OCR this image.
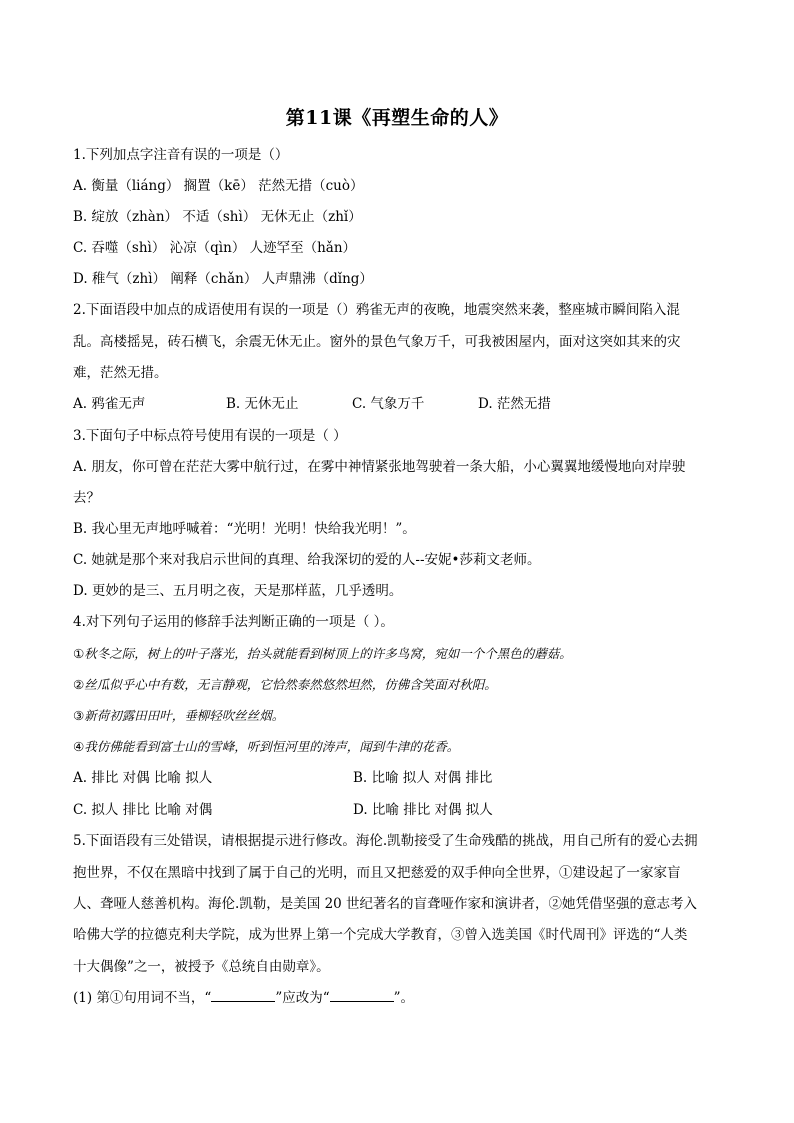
第11课《再塑生命的人》
1.下列加点字注音有误的一项是（）
A. 衡量（liáng） 搁置（kē） 茫然无措（cuò）
B. 绽放（zhàn） 不适（shì） 无休无止（zhǐ）
C. 吞噬（shì） 沁凉（qìn） 人迹罕至（hǎn）
D. 稚气（zhì） 阐释（chǎn） 人声鼎沸（dǐng）
2.下面语段中加点的成语使用有误的一项是（）鸦雀无声的夜晚，地震突然来袭，整座城市瞬间陷入混
乱。高楼摇晃，砖石横飞，余震无休无止。窗外的景色气象万千，可我被困屋内，面对这突如其来的灾
难，茫然无措。
A. 鸦雀无声	B. 无休无止	C. 气象万千	D. 茫然无措
3.下面句子中标点符号使用有误的一项是（ ）
A. 朋友，你可曾在茫茫大雾中航行过，在雾中神情紧张地驾驶着一条大船，小心翼翼地缓慢地向对岸驶
去？
B. 我心里无声地呼喊着：“光明！光明！快给我光明！”。
C. 她就是那个来对我启示世间的真理、给我深切的爱的人--安妮•莎莉文老师。
D. 更妙的是三、五月明之夜，天是那样蓝，几乎透明。
4.对下列句子运用的修辞手法判断正确的一项是（ ）。
①秋冬之际，树上的叶子落光，抬头就能看到树顶上的许多鸟窝，宛如一个个黑色的蘑菇。
②丝瓜似乎心中有数，无言静观，它恰然泰然悠然坦然，仿佛含笑面对秋阳。
③新荷初露田田叶，垂柳轻吹丝丝烟。
④我仿佛能看到富士山的雪峰，听到恒河里的涛声，闻到牛津的花香。
A. 排比 对偶 比喻 拟人	B. 比喻 拟人 对偶 排比
C. 拟人 排比 比喻 对偶	D. 比喻 排比 对偶 拟人
5.下面语段有三处错误，请根据提示进行修改。海伦.凯勒接受了生命残酷的挑战，用自己所有的爱心去拥
抱世界，不仅在黑暗中找到了属于自己的光明，而且又把慈爱的双手伸向全世界，①建设起了一家家盲
人、聋哑人慈善机构。海伦.凯勒，是美国 20 世纪著名的盲聋哑作家和演讲者，②她凭借坚强的意志考入
哈佛大学的拉德克利夫学院，成为世界上第一个完成大学教育，③曾入选美国《时代周刊》评选的“人类
十大偶像”之一，被授予《总统自由勋章》。
(1) 第①句用词不当，“	”应改为“	”。
